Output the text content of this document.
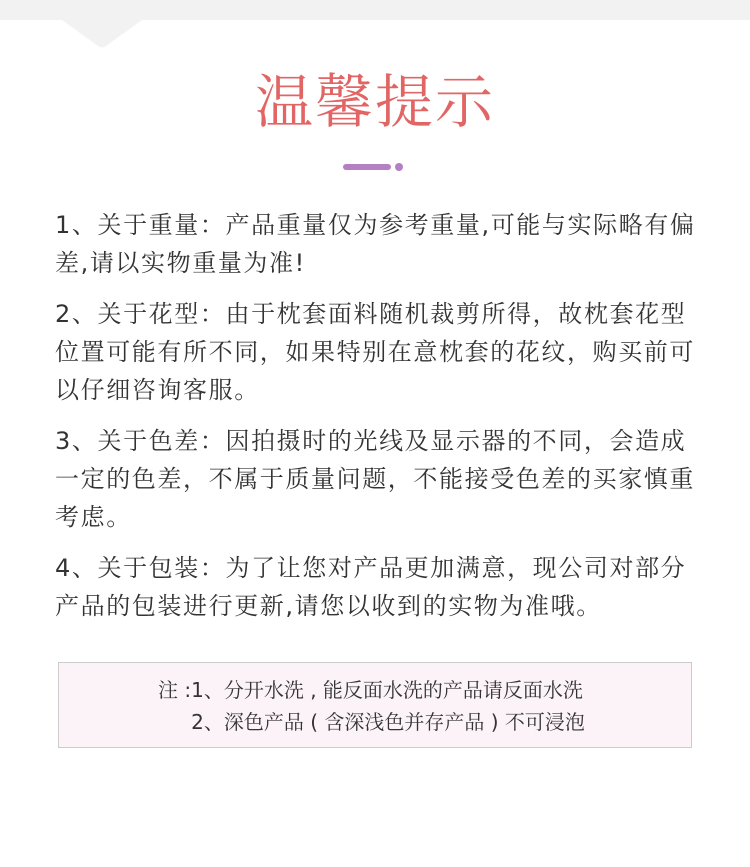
温馨提示
1、关于重量：产品重量仅为参考重量,可能与实际略有偏
差,请以实物重量为准!
2、关于花型：由于枕套面料随机裁剪所得，故枕套花型
位置可能有所不同，如果特别在意枕套的花纹，购买前可
以仔细咨询客服。
3、关于色差：因拍摄时的光线及显示器的不同，会造成
一定的色差，不属于质量问题，不能接受色差的买家慎重
考虑。
4、关于包装：为了让您对产品更加满意，现公司对部分
产品的包装进行更新,请您以收到的实物为准哦。
注 : 1、分开水洗 , 能反面水洗的产品请反面水洗
2、深色产品 ( 含深浅色并存产品 ) 不可浸泡
